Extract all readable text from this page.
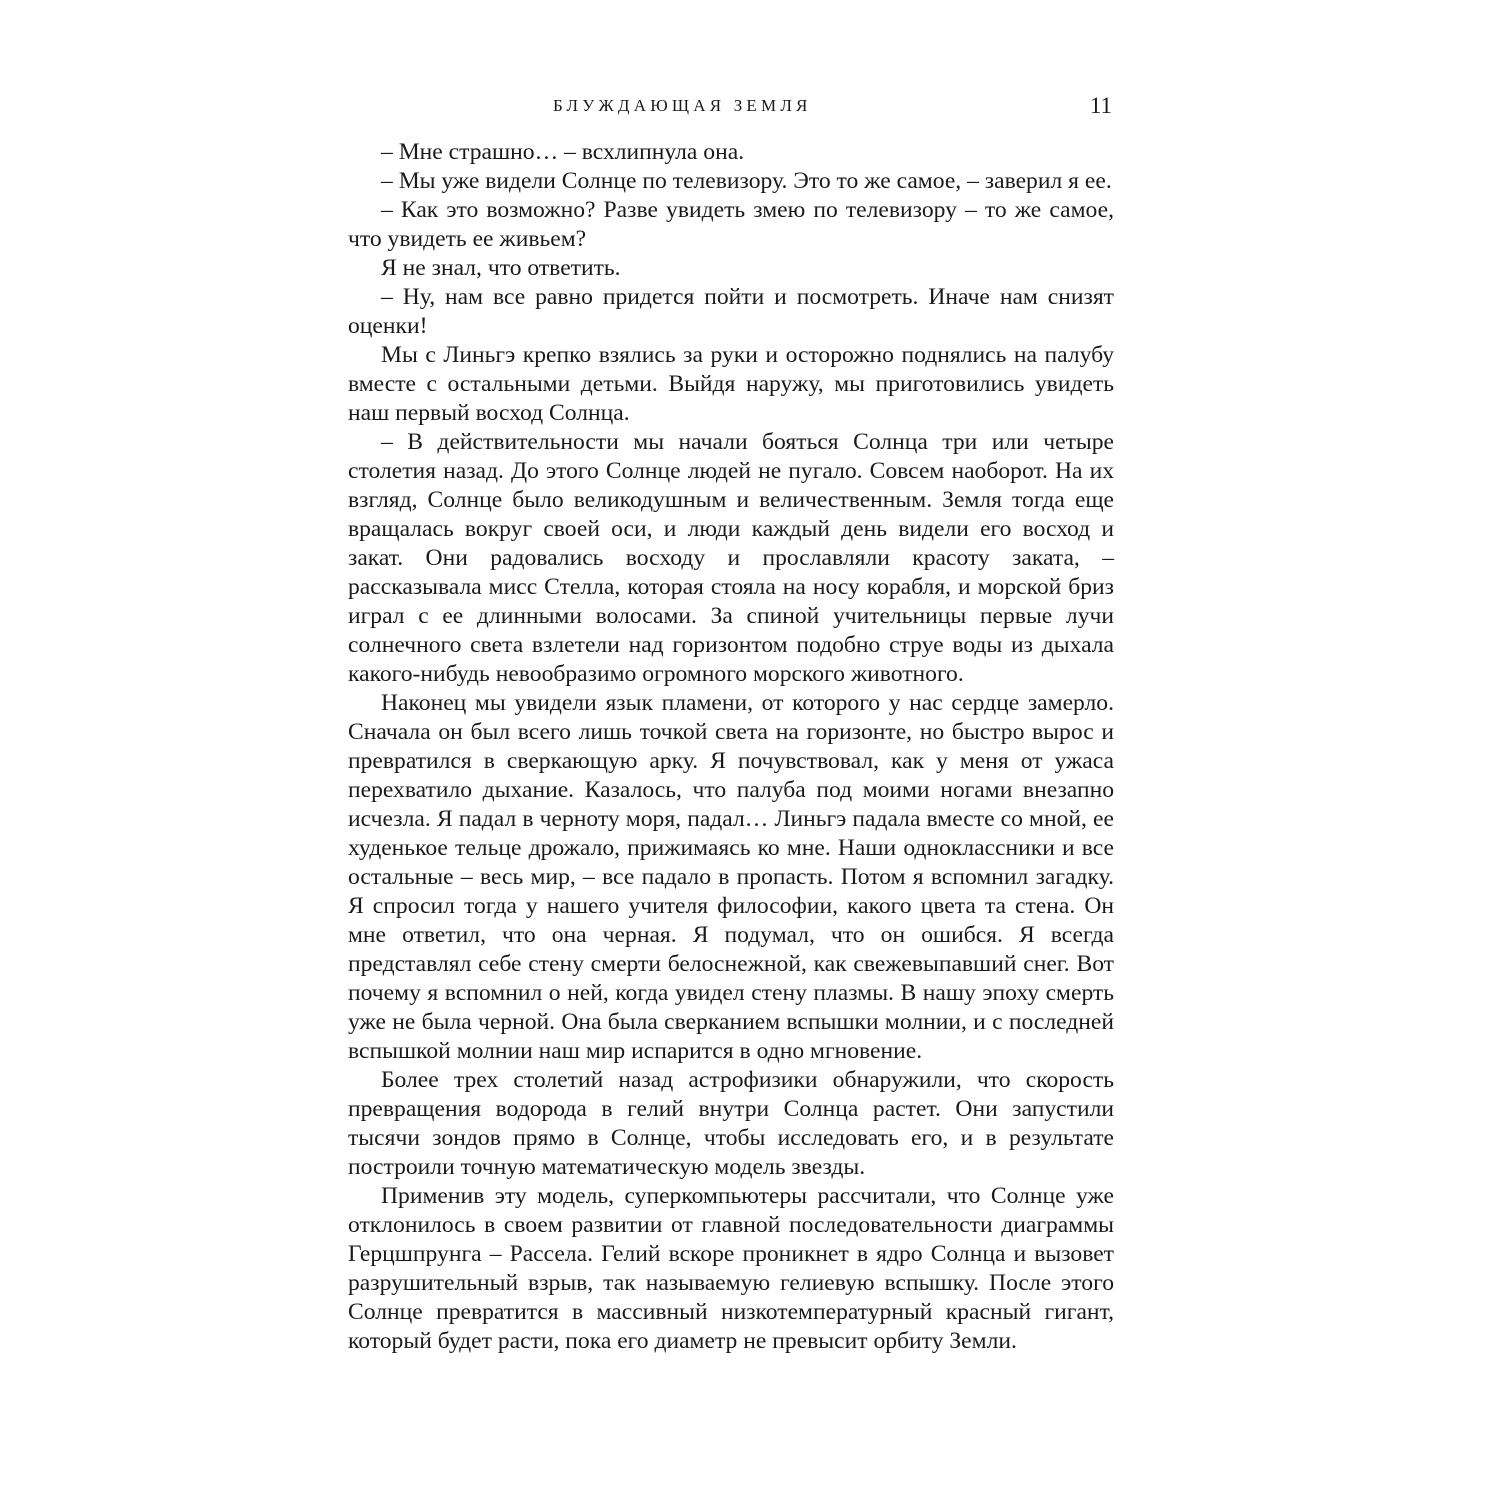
БЛУЖДАЮЩАЯ ЗЕМЛЯ	11

– Мне страшно… – всхлипнула она.

– Мы уже видели Солнце по телевизору. Это то же самое, – заверил я ее.

– Как это возможно? Разве увидеть змею по телевизору – то же самое, что увидеть ее живьем?

Я не знал, что ответить.

– Ну, нам все равно придется пойти и посмотреть. Иначе нам снизят оценки!

Мы с Линьгэ крепко взялись за руки и осторожно поднялись на палубу вместе с остальными детьми. Выйдя наружу, мы приготовились увидеть наш первый восход Солнца.

– В действительности мы начали бояться Солнца три или четыре столетия назад. До этого Солнце людей не пугало. Совсем наоборот. На их взгляд, Солнце было великодушным и величественным. Земля тогда еще вращалась вокруг своей оси, и люди каждый день видели его восход и закат. Они радовались восходу и прославляли красоту заката, – рассказывала мисс Стелла, которая стояла на носу корабля, и морской бриз играл с ее длинными волосами. За спиной учительницы первые лучи солнечного света взлетели над горизонтом подобно струе воды из дыхала какого-нибудь невообразимо огромного морского животного.

Наконец мы увидели язык пламени, от которого у нас сердце замерло. Сначала он был всего лишь точкой света на горизонте, но быстро вырос и превратился в сверкающую арку. Я почувствовал, как у меня от ужаса перехватило дыхание. Казалось, что палуба под моими ногами внезапно исчезла. Я падал в черноту моря, падал… Линьгэ падала вместе со мной, ее худенькое тельце дрожало, прижимаясь ко мне. Наши одноклассники и все остальные – весь мир, – все падало в пропасть. Потом я вспомнил загадку. Я спросил тогда у нашего учителя философии, какого цвета та стена. Он мне ответил, что она черная. Я подумал, что он ошибся. Я всегда представлял себе стену смерти белоснежной, как свежевыпавший снег. Вот почему я вспомнил о ней, когда увидел стену плазмы. В нашу эпоху смерть уже не была черной. Она была сверканием вспышки молнии, и с последней вспышкой молнии наш мир испарится в одно мгновение.

Более трех столетий назад астрофизики обнаружили, что скорость превращения водорода в гелий внутри Солнца растет. Они запустили тысячи зондов прямо в Солнце, чтобы исследовать его, и в результате построили точную математическую модель звезды.

Применив эту модель, суперкомпьютеры рассчитали, что Солнце уже отклонилось в своем развитии от главной последовательности диаграммы Герцшпрунга – Рассела. Гелий вскоре проникнет в ядро Солнца и вызовет разрушительный взрыв, так называемую гелиевую вспышку. После этого Солнце превратится в массивный низкотемпературный красный гигант, который будет расти, пока его диаметр не превысит орбиту Земли.
